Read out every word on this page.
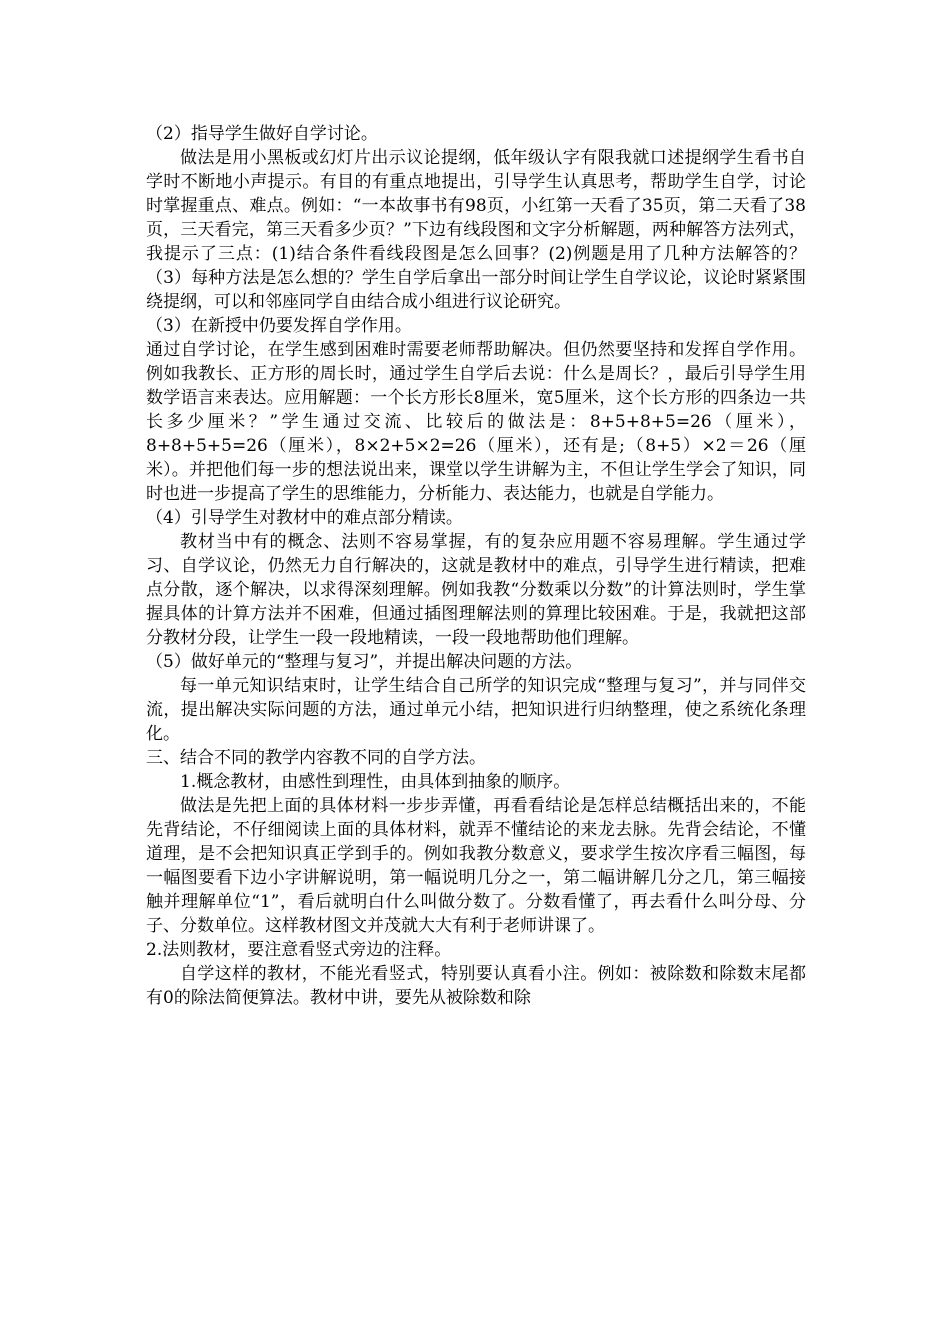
（2）指导学生做好自学讨论。

做法是用小黑板或幻灯片出示议论提纲，低年级认字有限我就口述提纲学生看书自学时不断地小声提示。有目的有重点地提出，引导学生认真思考，帮助学生自学，讨论时掌握重点、难点。例如：“一本故事书有98页，小红第一天看了35页，第二天看了38页，三天看完，第三天看多少页？”下边有线段图和文字分析解题，两种解答方法列式，我提示了三点：(1)结合条件看线段图是怎么回事？(2)例题是用了几种方法解答的？（3）每种方法是怎么想的？学生自学后拿出一部分时间让学生自学议论，议论时紧紧围绕提纲，可以和邻座同学自由结合成小组进行议论研究。

（3）在新授中仍要发挥自学作用。

通过自学讨论，在学生感到困难时需要老师帮助解决。但仍然要坚持和发挥自学作用。例如我教长、正方形的周长时，通过学生自学后去说：什么是周长？，最后引导学生用数学语言来表达。应用解题：一个长方形长8厘米，宽5厘米，这个长方形的四条边一共长多少厘米？”学生通过交流、比较后的做法是：8+5+8+5=26（厘米），8+8+5+5=26（厘米），8×2+5×2=26（厘米），还有是;（8+5）×2＝26（厘米）。并把他们每一步的想法说出来，课堂以学生讲解为主，不但让学生学会了知识，同时也进一步提高了学生的思维能力，分析能力、表达能力，也就是自学能力。

（4）引导学生对教材中的难点部分精读。

教材当中有的概念、法则不容易掌握，有的复杂应用题不容易理解。学生通过学习、自学议论，仍然无力自行解决的，这就是教材中的难点，引导学生进行精读，把难点分散，逐个解决，以求得深刻理解。例如我教“分数乘以分数”的计算法则时，学生掌握具体的计算方法并不困难，但通过插图理解法则的算理比较困难。于是，我就把这部分教材分段，让学生一段一段地精读，一段一段地帮助他们理解。

（5）做好单元的“整理与复习”，并提出解决问题的方法。

每一单元知识结束时，让学生结合自己所学的知识完成“整理与复习”，并与同伴交流，提出解决实际问题的方法，通过单元小结，把知识进行归纳整理，使之系统化条理化。

三、结合不同的教学内容教不同的自学方法。

1.概念教材，由感性到理性，由具体到抽象的顺序。

做法是先把上面的具体材料一步步弄懂，再看看结论是怎样总结概括出来的，不能先背结论，不仔细阅读上面的具体材料，就弄不懂结论的来龙去脉。先背会结论，不懂道理，是不会把知识真正学到手的。例如我教分数意义，要求学生按次序看三幅图，每一幅图要看下边小字讲解说明，第一幅说明几分之一，第二幅讲解几分之几，第三幅接触并理解单位“1”，看后就明白什么叫做分数了。分数看懂了，再去看什么叫分母、分子、分数单位。这样教材图文并茂就大大有利于老师讲课了。

2.法则教材，要注意看竖式旁边的注释。

自学这样的教材，不能光看竖式，特别要认真看小注。例如：被除数和除数末尾都有0的除法简便算法。教材中讲，要先从被除数和除
